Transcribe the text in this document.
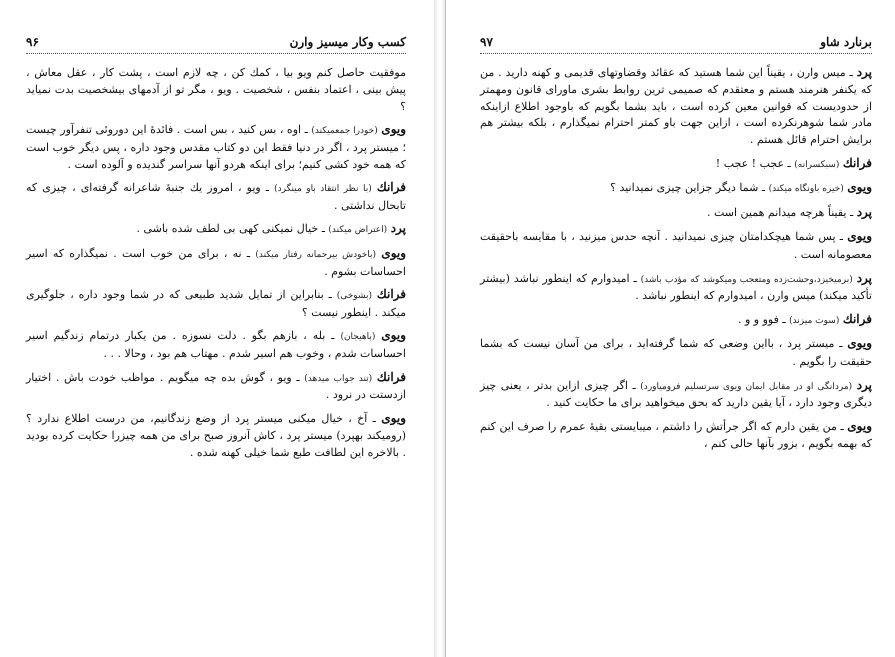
کسب وکار میسیز وارن
۹۶

موفقیت حاصل کنم ویو بیا ، کمك کن ، چه لازم است ، پشت کار ، عقل معاش ، پیش بینی ، اعتماد بنفس ، شخصیت . ویو ، مگر تو از آدمهای بیشخصیت بدت نمیاید ؟

ویوی (خودرا جمعمیکند) ـ اوه ، بس کنید ، بس است . فائدهٔ این دوروئی تنفرآور چیست ؛ میستر پرد ، اگر در دنیا فقط این دو کتاب مقدس وجود داره ، پس دیگر خوب است که همه خود کشی کنیم؛ برای اینکه هردو آنها سراسر گندیده و آلوده است .

فرانك (با نظر انتقاد باو مینگرد) ـ ویو ، امروز یك جنبهٔ شاعرانه گرفته‌ای ، چیزی که تابحال نداشتی .

پرد (اعتراض میکند) ـ خیال نمیکنی کهی بی لطف شده باشی .

ویوی (باخودش بیرحمانه رفتار میکند) ـ نه ، برای من خوب است . نمیگذاره که اسیر احساسات بشوم .

فرانك (بشوخی) ـ بنابراین از تمایل شدید طبیعی که در شما وجود داره ، جلوگیری میکند . اینطور نیست ؟

ویوی (باهیجان) ـ بله ، بازهم بگو . دلت نسوزه . من یکبار درتمام زندگیم اسیر احساسات شدم ، وخوب هم اسیر شدم . مهتاب هم بود ، وحالا . . .

فرانك (تند جواب میدهد) ـ ویو ، گوش بده چه میگویم . مواظب خودت باش . اختیار ازدستت در نرود .

ویوی ـ آخ ، خیال میکنی میستر پرد از وضع زندگانیم، من درست اطلاع ندارد ؟ (روميكند بهپرد) میستر پرد ، کاش آنروز صبح برای من همه چیزرا حکایت کرده بودید . بالاخره این لطافت طبع شما خیلی کهنه شده .

برنارد شاو
۹۷

پرد ـ میس وارن ، یقیناً این شما هستید که عقائد وقضاوتهای قدیمی و کهنه دارید . من که یکنفر هنرمند هستم و معتقدم که صمیمی ترین روابط بشری ماورای قانون ومهمتر از حدودیست که قوانین معین کرده است ، باید بشما بگویم که باوجود اطلاع ازاینکه مادر شما شوهرنکرده است ، ازاین جهت باو کمتر احترام نمیگذارم ، بلکه بیشتر هم برایش احترام قائل هستم .

فرانك (سبکسرانه) ـ عجب ! عجب !

ویوی (خیره باونگاه میکند) ـ شما دیگر جزاین چیزی نمیدانید ؟

پرد ـ یقیناً هرچه میدانم همین است .

ویوی ـ پس شما هیچکدامتان چیزی نمیدانید . آنچه حدس میزنید ، با مقایسه باحقیقت معصومانه است .

پرد (برمیخیزد،وحشت‌زده ومتعجب ومیکوشد که مؤدب باشد) ـ امیدوارم که اینطور نباشد (بیشتر تأکید میکند) میس وارن ، امیدوارم که اینطور نباشد .

فرانك (سوت میزند) ـ فوو و و .

ویوی ـ میستر پرد ، بااین وضعی که شما گرفته‌اید ، برای من آسان نیست که بشما حقیقت را بگویم .

پرد (مردانگی او در مقابل ایمان ویوی سرتسلیم فرومیاورد) ـ اگر چیزی ازاین بدتر ، یعنی چیز دیگری وجود دارد ، آیا یقین دارید که بحق میخواهید برای ما حکایت کنید .

ویوی ـ من یقین دارم که اگر جرأتش را داشتم ، میبایستی بقیهٔ عمرم را صرف این کنم که بهمه بگویم ، بزور بآنها حالی کنم ،
